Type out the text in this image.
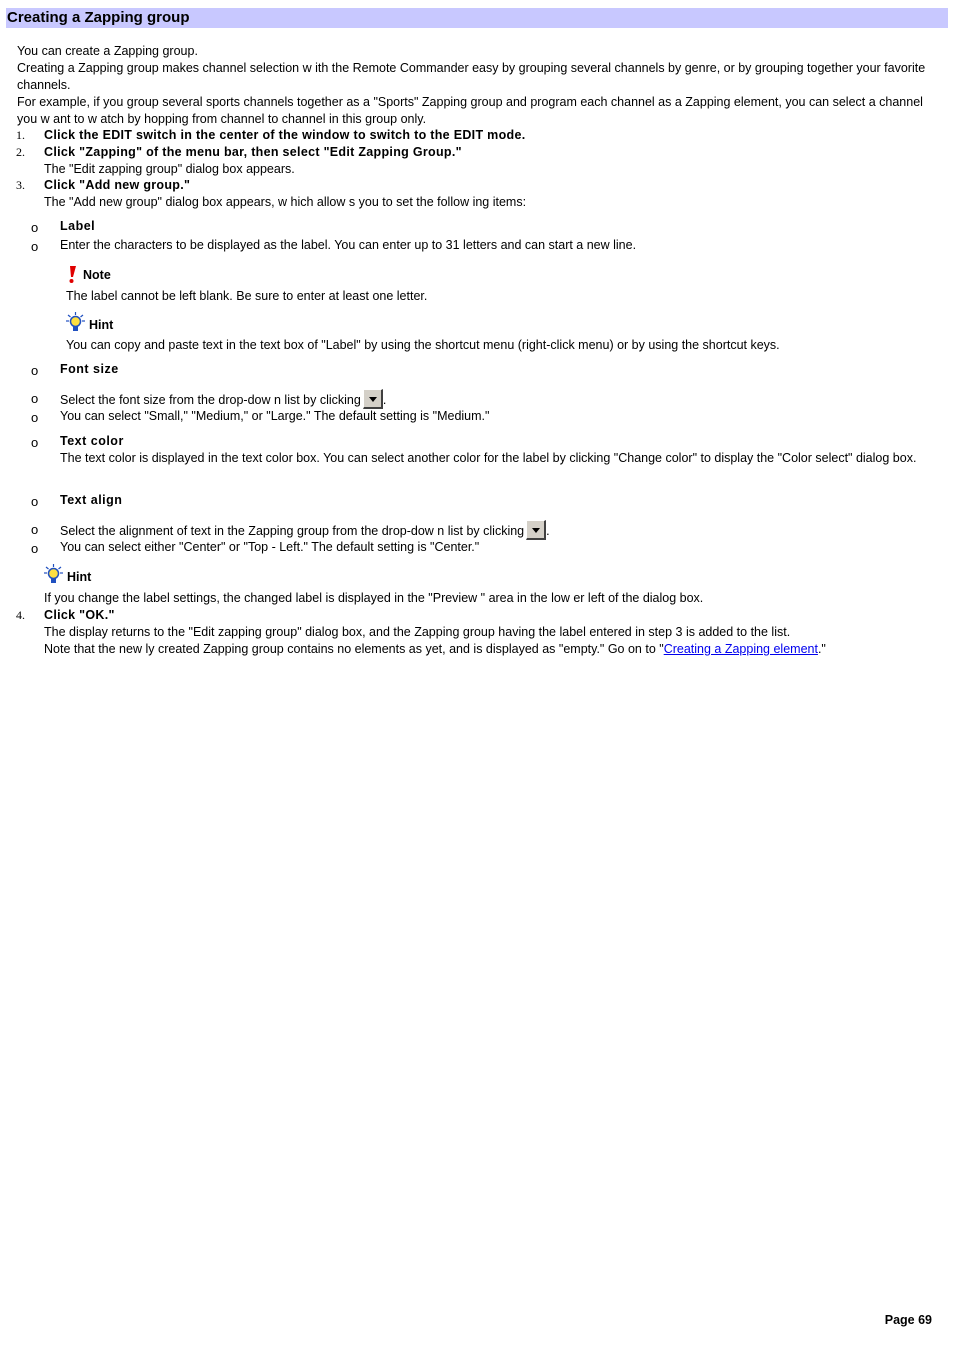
Creating a Zapping group
You can create a Zapping group.
Creating a Zapping group makes channel selection w ith the Remote Commander easy by grouping several channels by genre, or by grouping together your favorite channels.
For example, if you group several sports channels together as a "Sports" Zapping group and program each channel as a Zapping element, you can select a channel you w ant to w atch by hopping from channel to channel in this group only.
1. Click the EDIT switch in the center of the window to switch to the EDIT mode.
2. Click "Zapping" of the menu bar, then select "Edit Zapping Group."
The "Edit zapping group" dialog box appears.
3. Click "Add new group."
The "Add new group" dialog box appears, w hich allow s you to set the follow ing items:
o Label
o Enter the characters to be displayed as the label. You can enter up to 31 letters and can start a new line.
Note
The label cannot be left blank. Be sure to enter at least one letter.
Hint
You can copy and paste text in the text box of "Label" by using the shortcut menu (right-click menu) or by using the shortcut keys.
o Font size
o Select the font size from the drop-dow n list by clicking .
o You can select "Small," "Medium," or "Large." The default setting is "Medium."
o Text color
The text color is displayed in the text color box. You can select another color for the label by clicking "Change color" to display the "Color select" dialog box.
o Text align
o Select the alignment of text in the Zapping group from the drop-dow n list by clicking .
o You can select either "Center" or "Top - Left." The default setting is "Center."
Hint
If you change the label settings, the changed label is displayed in the "Preview " area in the low er left of the dialog box.
4. Click "OK."
The display returns to the "Edit zapping group" dialog box, and the Zapping group having the label entered in step 3 is added to the list.
Note that the new ly created Zapping group contains no elements as yet, and is displayed as "empty." Go on to "Creating a Zapping element."
Page 69
